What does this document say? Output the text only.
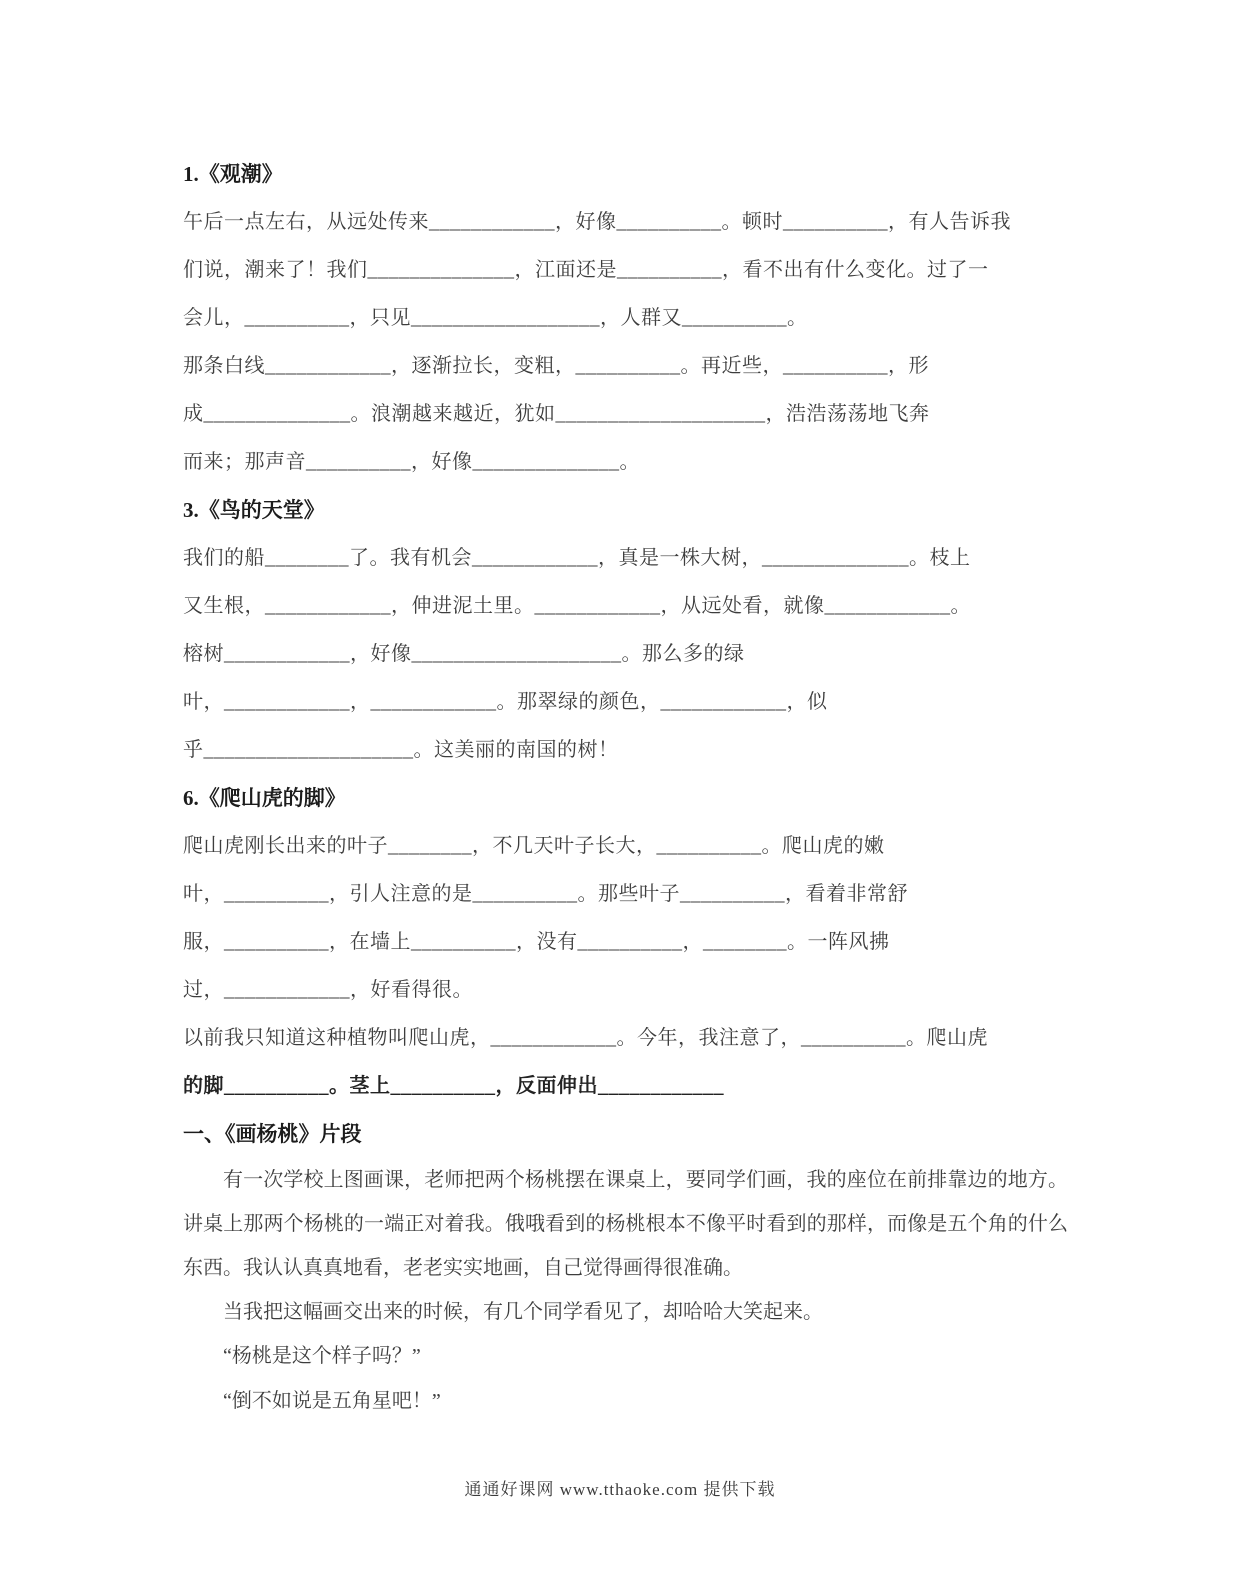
1.《观潮》
午后一点左右，从远处传来____________，好像__________。顿时__________，有人告诉我
们说，潮来了！我们______________，江面还是__________，看不出有什么变化。过了一
会儿，__________，只见__________________，人群又__________。
那条白线____________，逐渐拉长，变粗，__________。再近些，__________，形
成______________。浪潮越来越近，犹如____________________，浩浩荡荡地飞奔
而来；那声音__________，好像______________。
3.《鸟的天堂》
我们的船________了。我有机会____________，真是一株大树，______________。枝上
又生根，____________，伸进泥土里。____________，从远处看，就像____________。
榕树____________，好像____________________。那么多的绿
叶，____________，____________。那翠绿的颜色，____________，似
乎____________________。这美丽的南国的树！
6.《爬山虎的脚》
爬山虎刚长出来的叶子________，不几天叶子长大，__________。爬山虎的嫩
叶，__________，引人注意的是__________。那些叶子__________，看着非常舒
服，__________，在墙上__________，没有__________，________。一阵风拂
过，____________，好看得很。
以前我只知道这种植物叫爬山虎，____________。今年，我注意了，__________。爬山虎
的脚__________。茎上__________，反面伸出____________
一、《画杨桃》片段

有一次学校上图画课，老师把两个杨桃摆在课桌上，要同学们画，我的座位在前排靠边的地方。讲桌上那两个杨桃的一端正对着我。俄哦看到的杨桃根本不像平时看到的那样，而像是五个角的什么东西。我认认真真地看，老老实实地画，自己觉得画得很准确。

当我把这幅画交出来的时候，有几个同学看见了，却哈哈大笑起来。

“杨桃是这个样子吗？”

“倒不如说是五角星吧！”

通通好课网 www.tthaoke.com 提供下载
